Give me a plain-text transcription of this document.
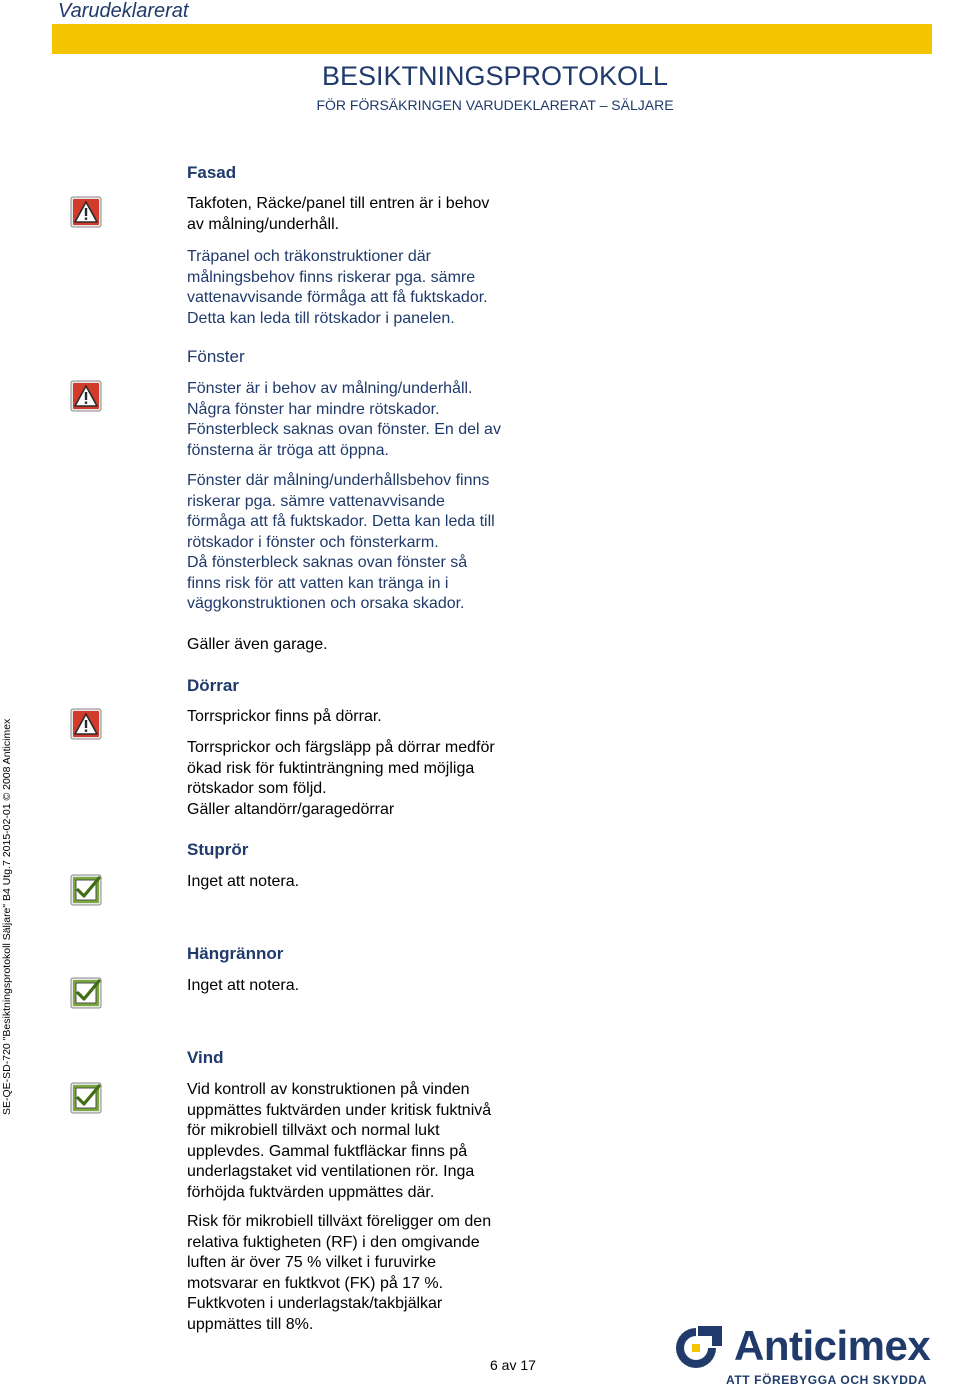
Varudeklarerat
BESIKTNINGSPROTOKOLL
FÖR FÖRSÄKRINGEN VARUDEKLARERAT – SÄLJARE
Fasad
Takfoten, Räcke/panel till entren är i behov
av målning/underhåll.
Träpanel och träkonstruktioner där
målningsbehov finns riskerar pga. sämre
vattenavvisande förmåga att få fuktskador.
Detta kan leda till rötskador i panelen.
Fönster
Fönster är i behov av målning/underhåll.
Några fönster har mindre rötskador.
Fönsterbleck saknas ovan fönster. En del av
fönsterna är tröga att öppna.
Fönster där målning/underhållsbehov finns
riskerar pga. sämre vattenavvisande
förmåga att få fuktskador. Detta kan leda till
rötskador i fönster och fönsterkarm.
Då fönsterbleck saknas ovan fönster så
finns risk för att vatten kan tränga in i
väggkonstruktionen och orsaka skador.
Gäller även garage.
Dörrar
Torrsprickor finns på dörrar.
Torrsprickor och färgsläpp på dörrar medför
ökad risk för fuktinträngning med möjliga
rötskador som följd.
Gäller altandörr/garagedörrar
Stuprör
Inget att notera.
Hängrännor
Inget att notera.
Vind
Vid kontroll av konstruktionen på vinden
uppmättes fuktvärden under kritisk fuktnivå
för mikrobiell tillväxt och normal lukt
upplevdes. Gammal fuktfläckar finns på
underlagstaket vid ventilationen rör. Inga
förhöjda fuktvärden uppmättes där.
Risk för mikrobiell tillväxt föreligger om den
relativa fuktigheten (RF) i den omgivande
luften är över 75 % vilket i furuvirke
motsvarar en fuktkvot (FK) på 17 %.
Fuktkvoten i underlagstak/takbjälkar
uppmättes till 8%.
SE-QE-SD-720 "Besiktningsprotokoll Säljare" B4 Utg.7 2015-02-01 © 2008 Anticimex
6 av 17	Anticimex
ATT FÖREBYGGA OCH SKYDDA
